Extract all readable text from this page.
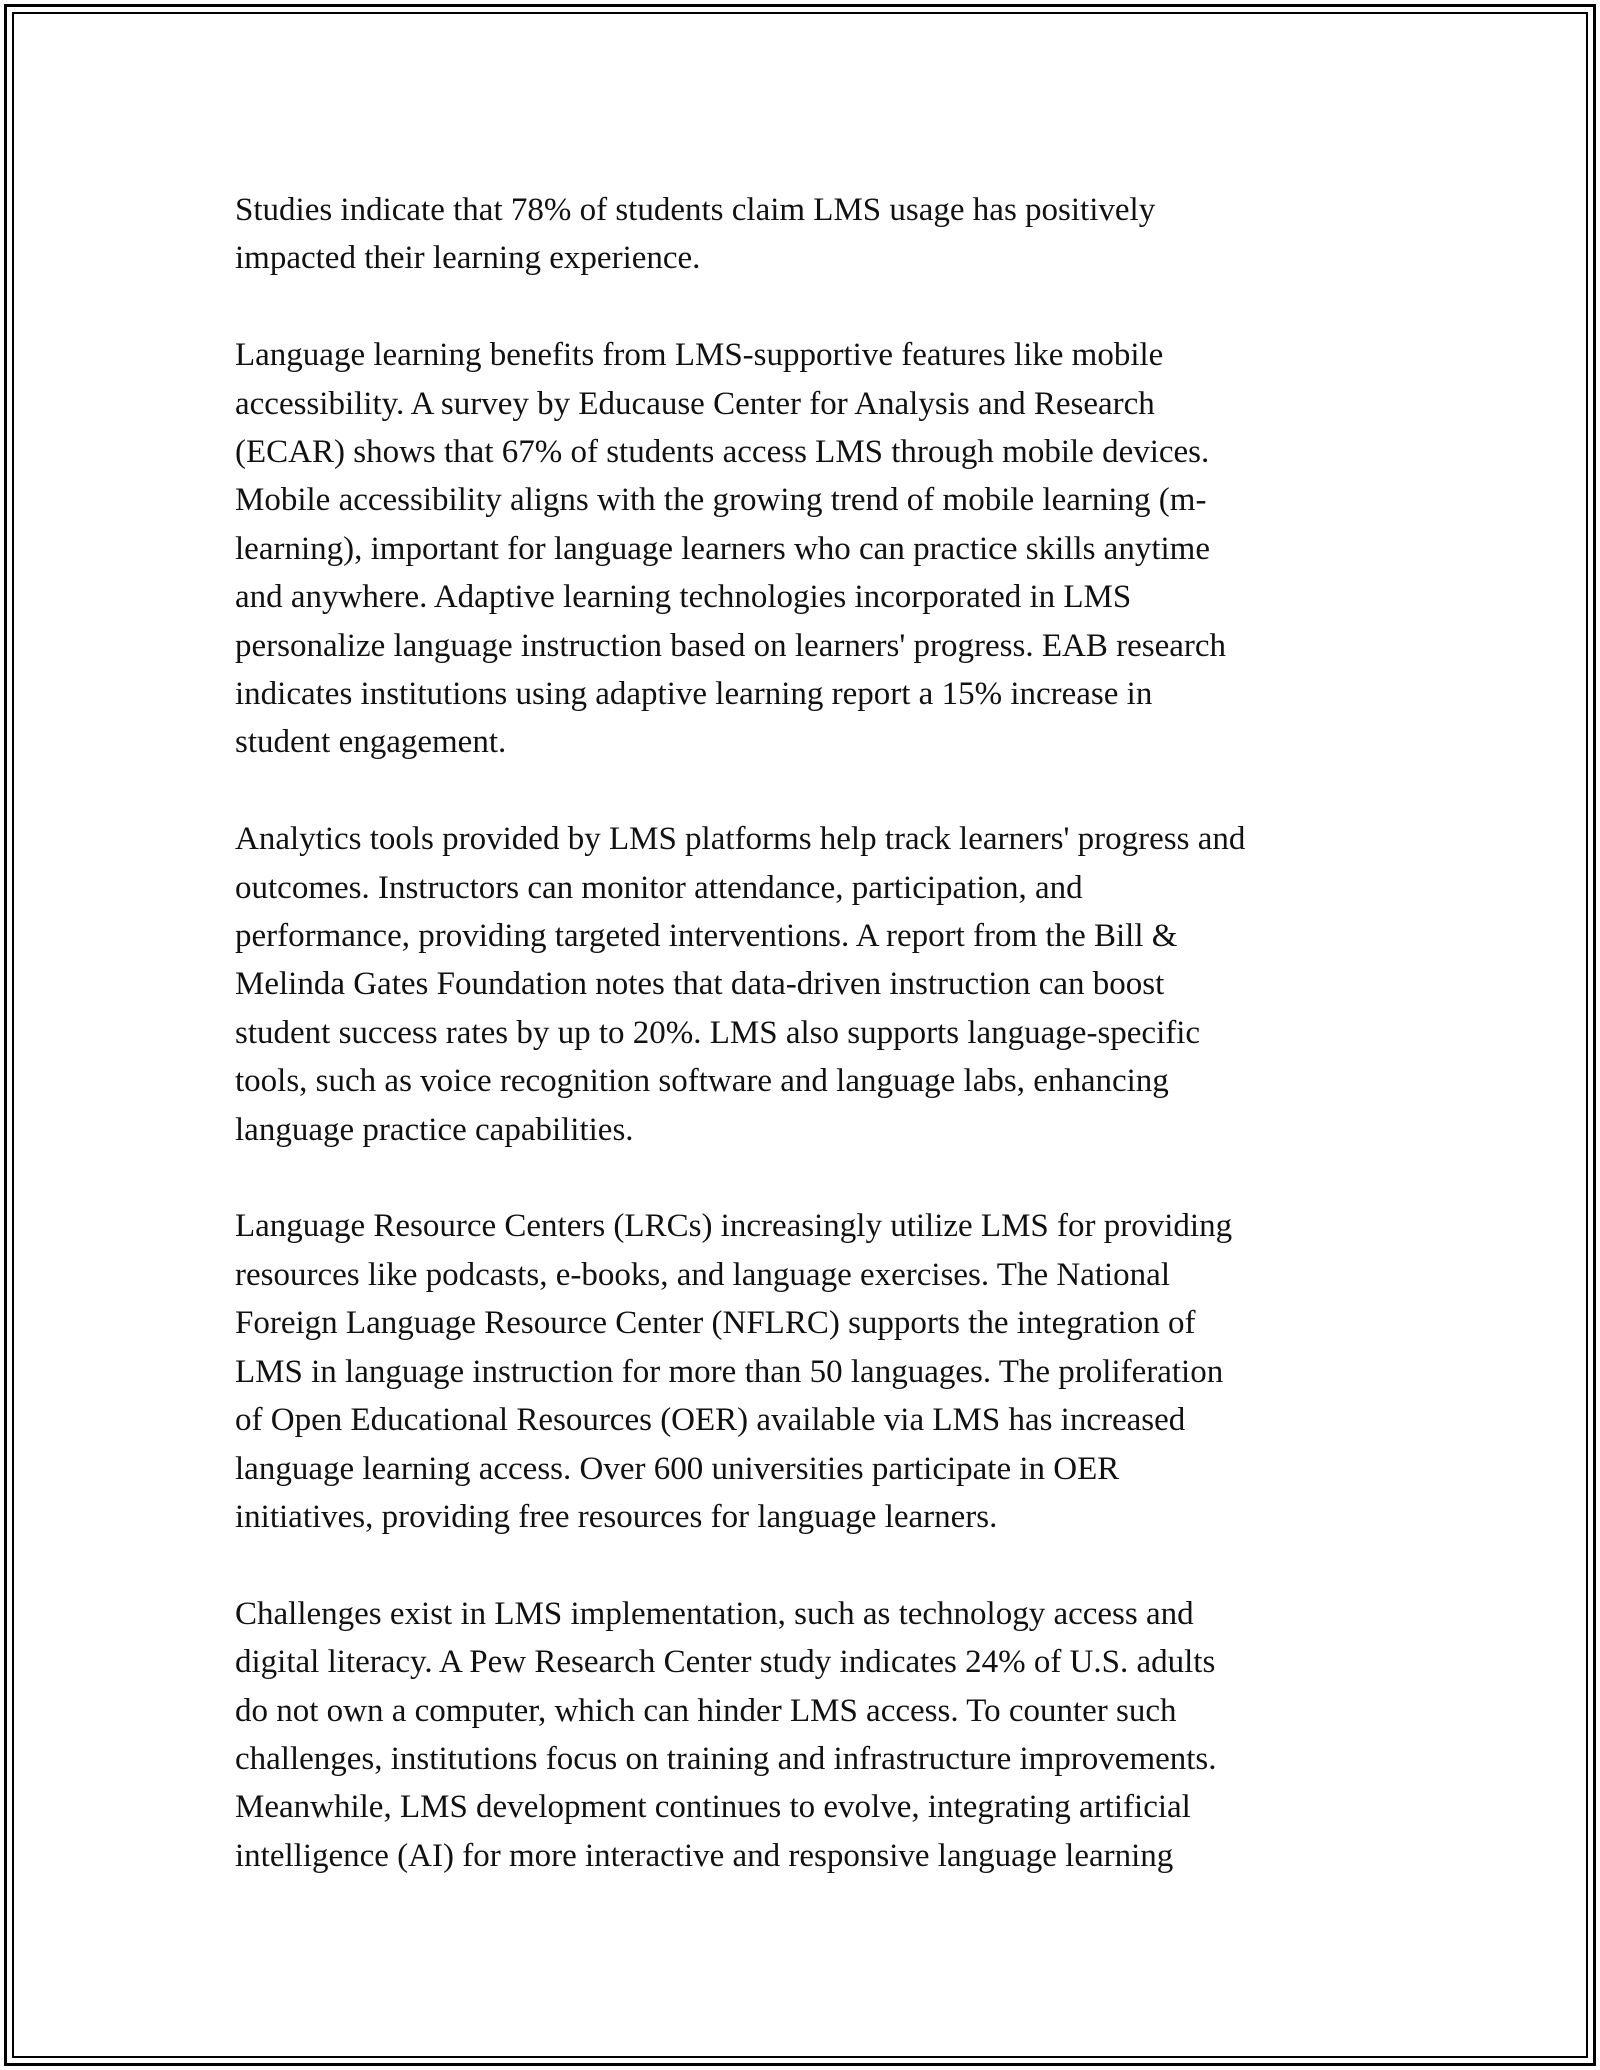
Studies indicate that 78% of students claim LMS usage has positively
impacted their learning experience.

Language learning benefits from LMS-supportive features like mobile
accessibility. A survey by Educause Center for Analysis and Research
(ECAR) shows that 67% of students access LMS through mobile devices.
Mobile accessibility aligns with the growing trend of mobile learning (m-
learning), important for language learners who can practice skills anytime
and anywhere. Adaptive learning technologies incorporated in LMS
personalize language instruction based on learners' progress. EAB research
indicates institutions using adaptive learning report a 15% increase in
student engagement.

Analytics tools provided by LMS platforms help track learners' progress and
outcomes. Instructors can monitor attendance, participation, and
performance, providing targeted interventions. A report from the Bill &
Melinda Gates Foundation notes that data-driven instruction can boost
student success rates by up to 20%. LMS also supports language-specific
tools, such as voice recognition software and language labs, enhancing
language practice capabilities.

Language Resource Centers (LRCs) increasingly utilize LMS for providing
resources like podcasts, e-books, and language exercises. The National
Foreign Language Resource Center (NFLRC) supports the integration of
LMS in language instruction for more than 50 languages. The proliferation
of Open Educational Resources (OER) available via LMS has increased
language learning access. Over 600 universities participate in OER
initiatives, providing free resources for language learners.

Challenges exist in LMS implementation, such as technology access and
digital literacy. A Pew Research Center study indicates 24% of U.S. adults
do not own a computer, which can hinder LMS access. To counter such
challenges, institutions focus on training and infrastructure improvements.
Meanwhile, LMS development continues to evolve, integrating artificial
intelligence (AI) for more interactive and responsive language learning
